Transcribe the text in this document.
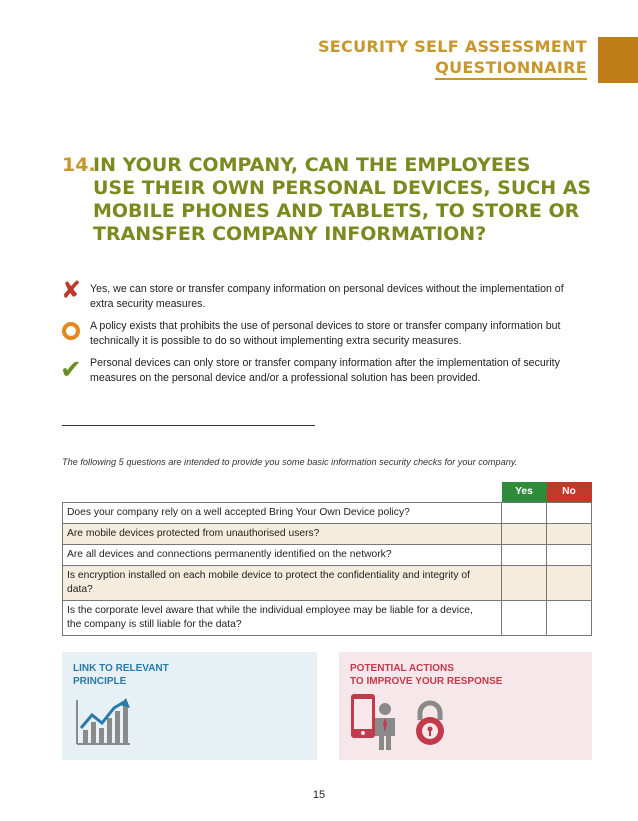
SECURITY SELF ASSESSMENT
QUESTIONNAIRE
14.
IN YOUR COMPANY, CAN THE EMPLOYEES
USE THEIR OWN PERSONAL DEVICES, SUCH AS
MOBILE PHONES AND TABLETS, TO STORE OR
TRANSFER COMPANY INFORMATION?
✘ Yes, we can store or transfer company information on personal devices without the implementation of
extra security measures.
A policy exists that prohibits the use of personal devices to store or transfer company information but
technically it is possible to do so without implementing extra security measures.
✔ Personal devices can only store or transfer company information after the implementation of security
measures on the personal device and/or a professional solution has been provided.
The following 5 questions are intended to provide you some basic information security checks for your company.
	Yes	No

Does your company rely on a well accepted Bring Your Own Device policy?		

Are mobile devices protected from unauthorised users?		

Are all devices and connections permanently identified on the network?		

Is encryption installed on each mobile device to protect the confidentiality and integrity of
data?		

Is the corporate level aware that while the individual employee may be liable for a device,
the company is still liable for the data?		

LINK TO RELEVANT
PRINCIPLE
POTENTIAL ACTIONS
TO IMPROVE YOUR RESPONSE
15
